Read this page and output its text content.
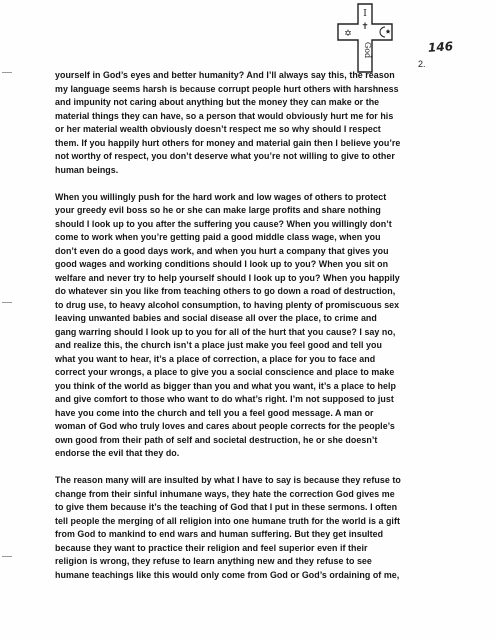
I
✝
God
✡
146
2.

yourself in God’s eyes and better humanity? And I’ll always say this, the reason
my language seems harsh is because corrupt people hurt others with harshness
and impunity not caring about anything but the money they can make or the
material things they can have, so a person that would obviously hurt me for his
or her material wealth obviously doesn’t respect me so why should I respect
them. If you happily hurt others for money and material gain then I believe you’re
not worthy of respect, you don’t deserve what you’re not willing to give to other
human beings.

When you willingly push for the hard work and low wages of others to protect
your greedy evil boss so he or she can make large profits and share nothing
should I look up to you after the suffering you cause? When you willingly don’t
come to work when you’re getting paid a good middle class wage, when you
don’t even do a good days work, and when you hurt a company that gives you
good wages and working conditions should I look up to you? When you sit on
welfare and never try to help yourself should I look up to you? When you happily
do whatever sin you like from teaching others to go down a road of destruction,
to drug use, to heavy alcohol consumption, to having plenty of promiscuous sex
leaving unwanted babies and social disease all over the place, to crime and
gang warring should I look up to you for all of the hurt that you cause? I say no,
and realize this, the church isn’t a place just make you feel good and tell you
what you want to hear, it’s a place of correction, a place for you to face and
correct your wrongs, a place to give you a social conscience and place to make
you think of the world as bigger than you and what you want, it’s a place to help
and give comfort to those who want to do what’s right. I’m not supposed to just
have you come into the church and tell you a feel good message. A man or
woman of God who truly loves and cares about people corrects for the people’s
own good from their path of self and societal destruction, he or she doesn’t
endorse the evil that they do.

The reason many will are insulted by what I have to say is because they refuse to
change from their sinful inhumane ways, they hate the correction God gives me
to give them because it’s the teaching of God that I put in these sermons. I often
tell people the merging of all religion into one humane truth for the world is a gift
from God to mankind to end wars and human suffering. But they get insulted
because they want to practice their religion and feel superior even if their
religion is wrong, they refuse to learn anything new and they refuse to see
humane teachings like this would only come from God or God’s ordaining of me,
